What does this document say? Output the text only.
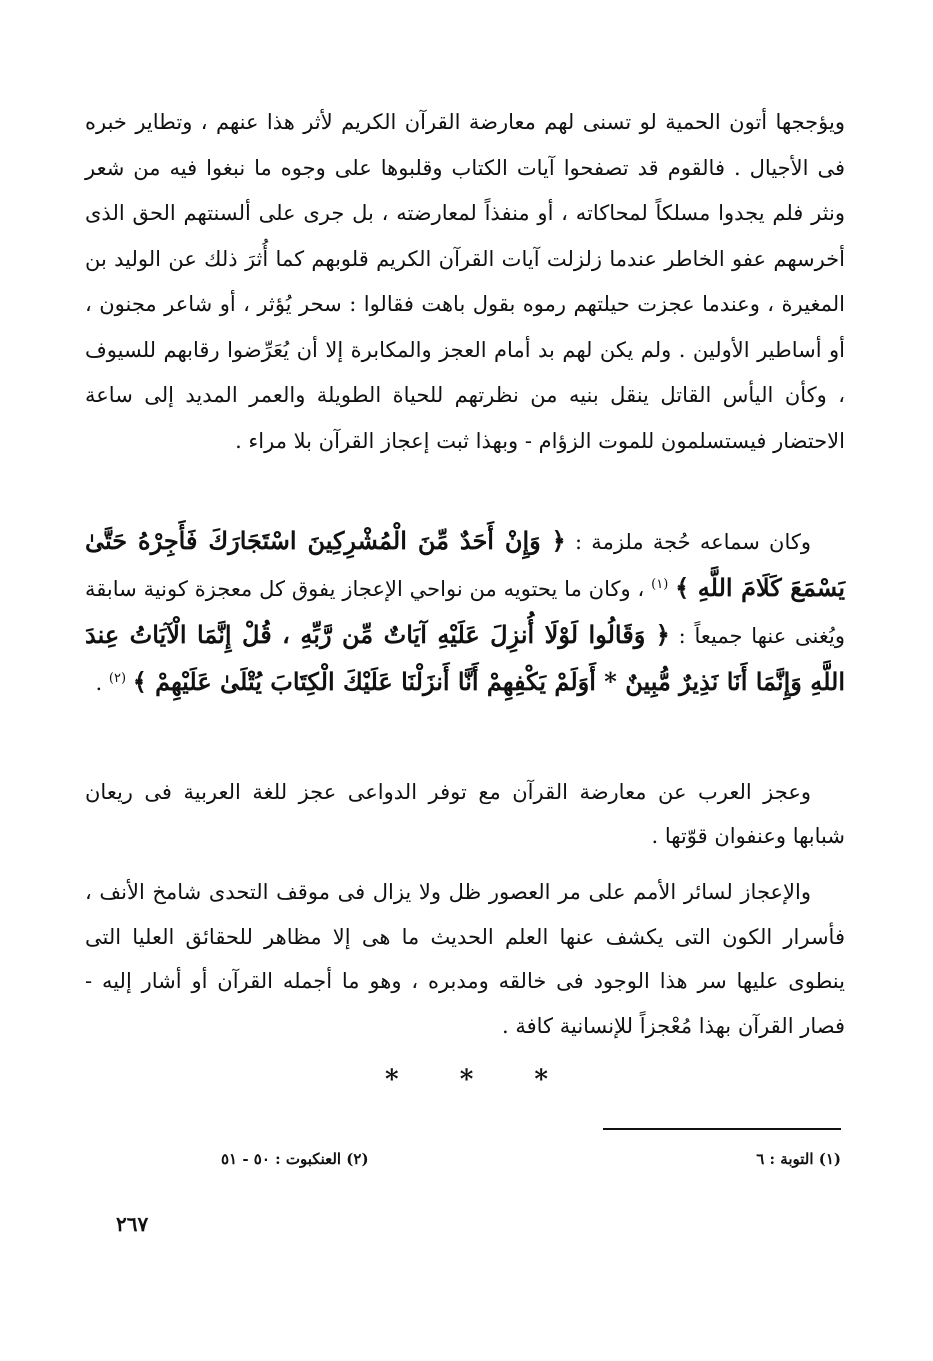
ويؤججها أتون الحمية لو تسنى لهم معارضة القرآن الكريم لأثر هذا عنهم ، وتطاير خبره فى الأجيال . فالقوم قد تصفحوا آيات الكتاب وقلبوها على وجوه ما نبغوا فيه من شعر ونثر فلم يجدوا مسلكاً لمحاكاته ، أو منفذاً لمعارضته ، بل جرى على ألسنتهم الحق الذى أخرسهم عفو الخاطر عندما زلزلت آيات القرآن الكريم قلوبهم كما أُثرَ ذلك عن الوليد بن المغيرة ، وعندما عجزت حيلتهم رموه بقول باهت فقالوا : سحر يُؤثر ، أو شاعر مجنون ، أو أساطير الأولين . ولم يكن لهم بد أمام العجز والمكابرة إلا أن يُعَرِّضوا رقابهم للسيوف ، وكأن اليأس القاتل ينقل بنيه من نظرتهم للحياة الطويلة والعمر المديد إلى ساعة الاحتضار فيستسلمون للموت الزؤام - وبهذا ثبت إعجاز القرآن بلا مراء .

وكان سماعه حُجة ملزمة : ﴿ وَإِنْ أَحَدٌ مِّنَ الْمُشْرِكِينَ اسْتَجَارَكَ فَأَجِرْهُ حَتَّىٰ يَسْمَعَ كَلَامَ اللَّهِ ﴾ $^{(١)}$ ، وكان ما يحتويه من نواحي الإعجاز يفوق كل معجزة كونية سابقة ويُغنى عنها جميعاً : ﴿ وَقَالُوا لَوْلَا أُنزِلَ عَلَيْهِ آيَاتٌ مِّن رَّبِّهِ ، قُلْ إِنَّمَا الْآيَاتُ عِندَ اللَّهِ وَإِنَّمَا أَنَا نَذِيرٌ مُّبِينٌ * أَوَلَمْ يَكْفِهِمْ أَنَّا أَنزَلْنَا عَلَيْكَ الْكِتَابَ يُتْلَىٰ عَلَيْهِمْ ﴾ $^{(٢)}$ .

وعجز العرب عن معارضة القرآن مع توفر الدواعى عجز للغة العربية فى ريعان شبابها وعنفوان قوّتها .

والإعجاز لسائر الأمم على مر العصور ظل ولا يزال فى موقف التحدى شامخ الأنف ، فأسرار الكون التى يكشف عنها العلم الحديث ما هى إلا مظاهر للحقائق العليا التى ينطوى عليها سر هذا الوجود فى خالقه ومدبره ، وهو ما أجمله القرآن أو أشار إليه - فصار القرآن بهذا مُعْجزاً للإنسانية كافة .

* * *
(١) التوبة : ٦
(٢) العنكبوت : ٥٠ - ٥١
٢٦٧
